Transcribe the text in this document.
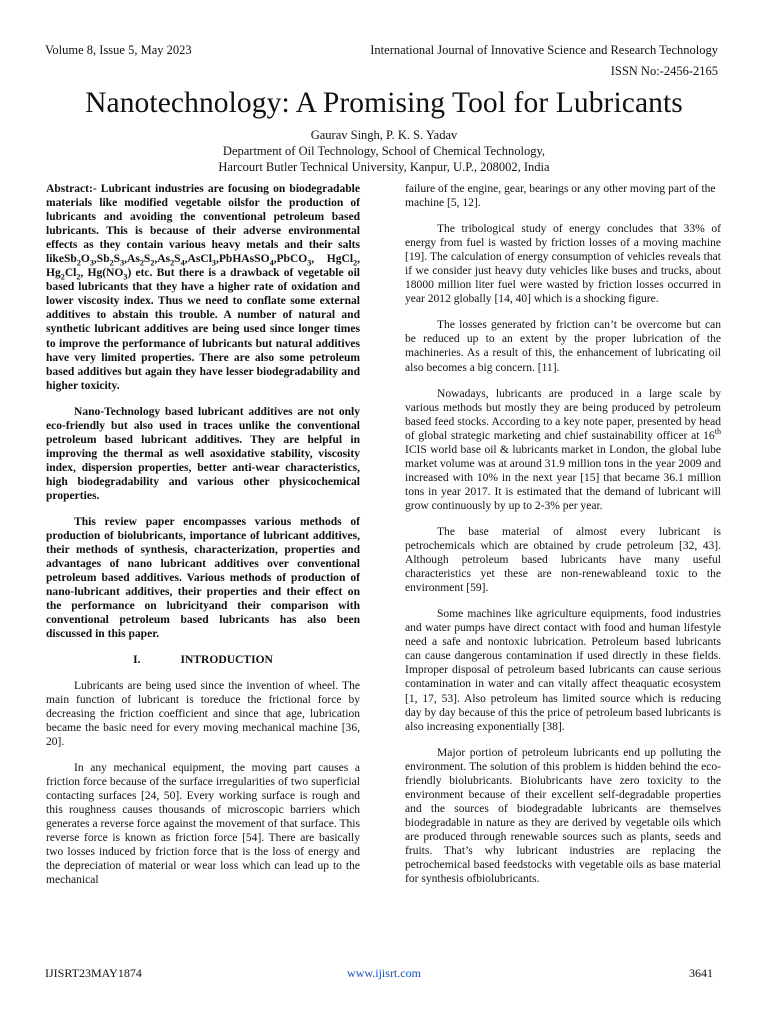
Volume 8, Issue 5, May 2023	International Journal of Innovative Science and Research Technology
ISSN No:-2456-2165
Nanotechnology: A Promising Tool for Lubricants
Gaurav Singh, P. K. S. Yadav
Department of Oil Technology, School of Chemical Technology,
Harcourt Butler Technical University, Kanpur, U.P., 208002, India

Abstract:- Lubricant industries are focusing on biodegradable materials like modified vegetable oilsfor the production of lubricants and avoiding the conventional petroleum based lubricants. This is because of their adverse environmental effects as they contain various heavy metals and their salts $likeSb_2O_3,Sb_2S_3,As_2S_2,As_2S_4,AsCl_3,PbHAsSO_4,PbCO_3$, HgCl$_2$, $Hg_2Cl_2$, $Hg(NO_3)$ etc. But there is a drawback of vegetable oil based lubricants that they have a higher rate of oxidation and lower viscosity index. Thus we need to conflate some external additives to abstain this trouble. A number of natural and synthetic lubricant additives are being used since longer times to improve the performance of lubricants but natural additives have very limited properties. There are also some petroleum based additives but again they have lesser biodegradability and higher toxicity.

Nano-Technology based lubricant additives are not only eco-friendly but also used in traces unlike the conventional petroleum based lubricant additives. They are helpful in improving the thermal as well asoxidative stability, viscosity index, dispersion properties, better anti-wear characteristics, high biodegradability and various other physicochemical properties.

This review paper encompasses various methods of production of biolubricants, importance of lubricant additives, their methods of synthesis, characterization, properties and advantages of nano lubricant additives over conventional petroleum based additives. Various methods of production of nano-lubricant additives, their properties and their effect on the performance on lubricityand their comparison with conventional petroleum based lubricants has also been discussed in this paper.

I.	INTRODUCTION

Lubricants are being used since the invention of wheel. The main function of lubricant is toreduce the frictional force by decreasing the friction coefficient and since that age, lubrication became the basic need for every moving mechanical machine [36, 20].

In any mechanical equipment, the moving part causes a friction force because of the surface irregularities of two superficial contacting surfaces [24, 50]. Every working surface is rough and this roughness causes thousands of microscopic barriers which generates a reverse force against the movement of that surface. This reverse force is known as friction force [54]. There are basically two losses induced by friction force that is the loss of energy and the depreciation of material or wear loss which can lead up to the mechanical

failure of the engine, gear, bearings or any other moving part of the machine [5, 12].

The tribological study of energy concludes that 33% of energy from fuel is wasted by friction losses of a moving machine [19]. The calculation of energy consumption of vehicles reveals that if we consider just heavy duty vehicles like buses and trucks, about 18000 million liter fuel were wasted by friction losses occurred in year 2012 globally [14, 40] which is a shocking figure.

The losses generated by friction can’t be overcome but can be reduced up to an extent by the proper lubrication of the machineries. As a result of this, the enhancement of lubricating oil also becomes a big concern. [11].

Nowadays, lubricants are produced in a large scale by various methods but mostly they are being produced by petroleum based feed stocks. According to a key note paper, presented by head of global strategic marketing and chief sustainability officer at 16th ICIS world base oil & lubricants market in London, the global lube market volume was at around 31.9 million tons in the year 2009 and increased with 10% in the next year [15] that became 36.1 million tons in year 2017. It is estimated that the demand of lubricant will grow continuously by up to 2-3% per year.

The base material of almost every lubricant is petrochemicals which are obtained by crude petroleum [32, 43]. Although petroleum based lubricants have many useful characteristics yet these are non-renewableand toxic to the environment [59].

Some machines like agriculture equipments, food industries and water pumps have direct contact with food and human lifestyle need a safe and nontoxic lubrication. Petroleum based lubricants can cause dangerous contamination if used directly in these fields. Improper disposal of petroleum based lubricants can cause serious contamination in water and can vitally affect theaquatic ecosystem [1, 17, 53]. Also petroleum has limited source which is reducing day by day because of this the price of petroleum based lubricants is also increasing exponentially [38].

Major portion of petroleum lubricants end up polluting the environment. The solution of this problem is hidden behind the eco-friendly biolubricants. Biolubricants have zero toxicity to the environment because of their excellent self-degradable properties and the sources of biodegradable lubricants are themselves biodegradable in nature as they are derived by vegetable oils which are produced through renewable sources such as plants, seeds and fruits. That’s why lubricant industries are replacing the petrochemical based feedstocks with vegetable oils as base material for synthesis ofbiolubricants.

IJISRT23MAY1874	www.ijisrt.com	3641
